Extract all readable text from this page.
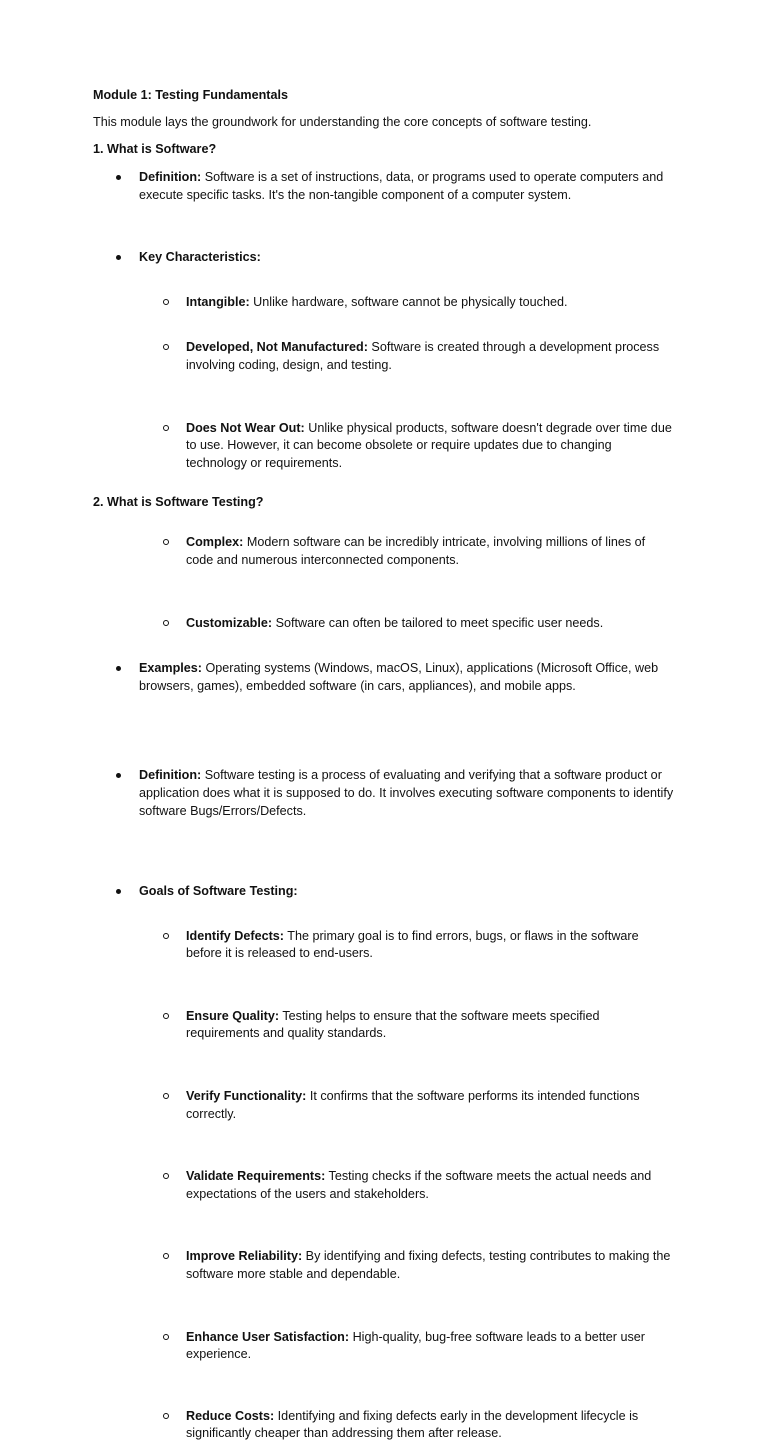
Module 1: Testing Fundamentals

This module lays the groundwork for understanding the core concepts of software testing.

1. What is Software?

Definition: Software is a set of instructions, data, or programs used to operate computers and execute specific tasks. It's the non-tangible component of a computer system.

Key Characteristics:

Intangible: Unlike hardware, software cannot be physically touched.

Developed, Not Manufactured: Software is created through a development process involving coding, design, and testing.

Does Not Wear Out: Unlike physical products, software doesn't degrade over time due to use. However, it can become obsolete or require updates due to changing technology or requirements.

Complex: Modern software can be incredibly intricate, involving millions of lines of code and numerous interconnected components.

Customizable: Software can often be tailored to meet specific user needs.

Examples: Operating systems (Windows, macOS, Linux), applications (Microsoft Office, web browsers, games), embedded software (in cars, appliances), and mobile apps.

2. What is Software Testing?

Definition: Software testing is a process of evaluating and verifying that a software product or application does what it is supposed to do. It involves executing software components to identify software Bugs/Errors/Defects.

Goals of Software Testing:

Identify Defects: The primary goal is to find errors, bugs, or flaws in the software before it is released to end-users.

Ensure Quality: Testing helps to ensure that the software meets specified requirements and quality standards.

Verify Functionality: It confirms that the software performs its intended functions correctly.

Validate Requirements: Testing checks if the software meets the actual needs and expectations of the users and stakeholders.

Improve Reliability: By identifying and fixing defects, testing contributes to making the software more stable and dependable.

Enhance User Satisfaction: High-quality, bug-free software leads to a better user experience.

Reduce Costs: Identifying and fixing defects early in the development lifecycle is significantly cheaper than addressing them after release.
